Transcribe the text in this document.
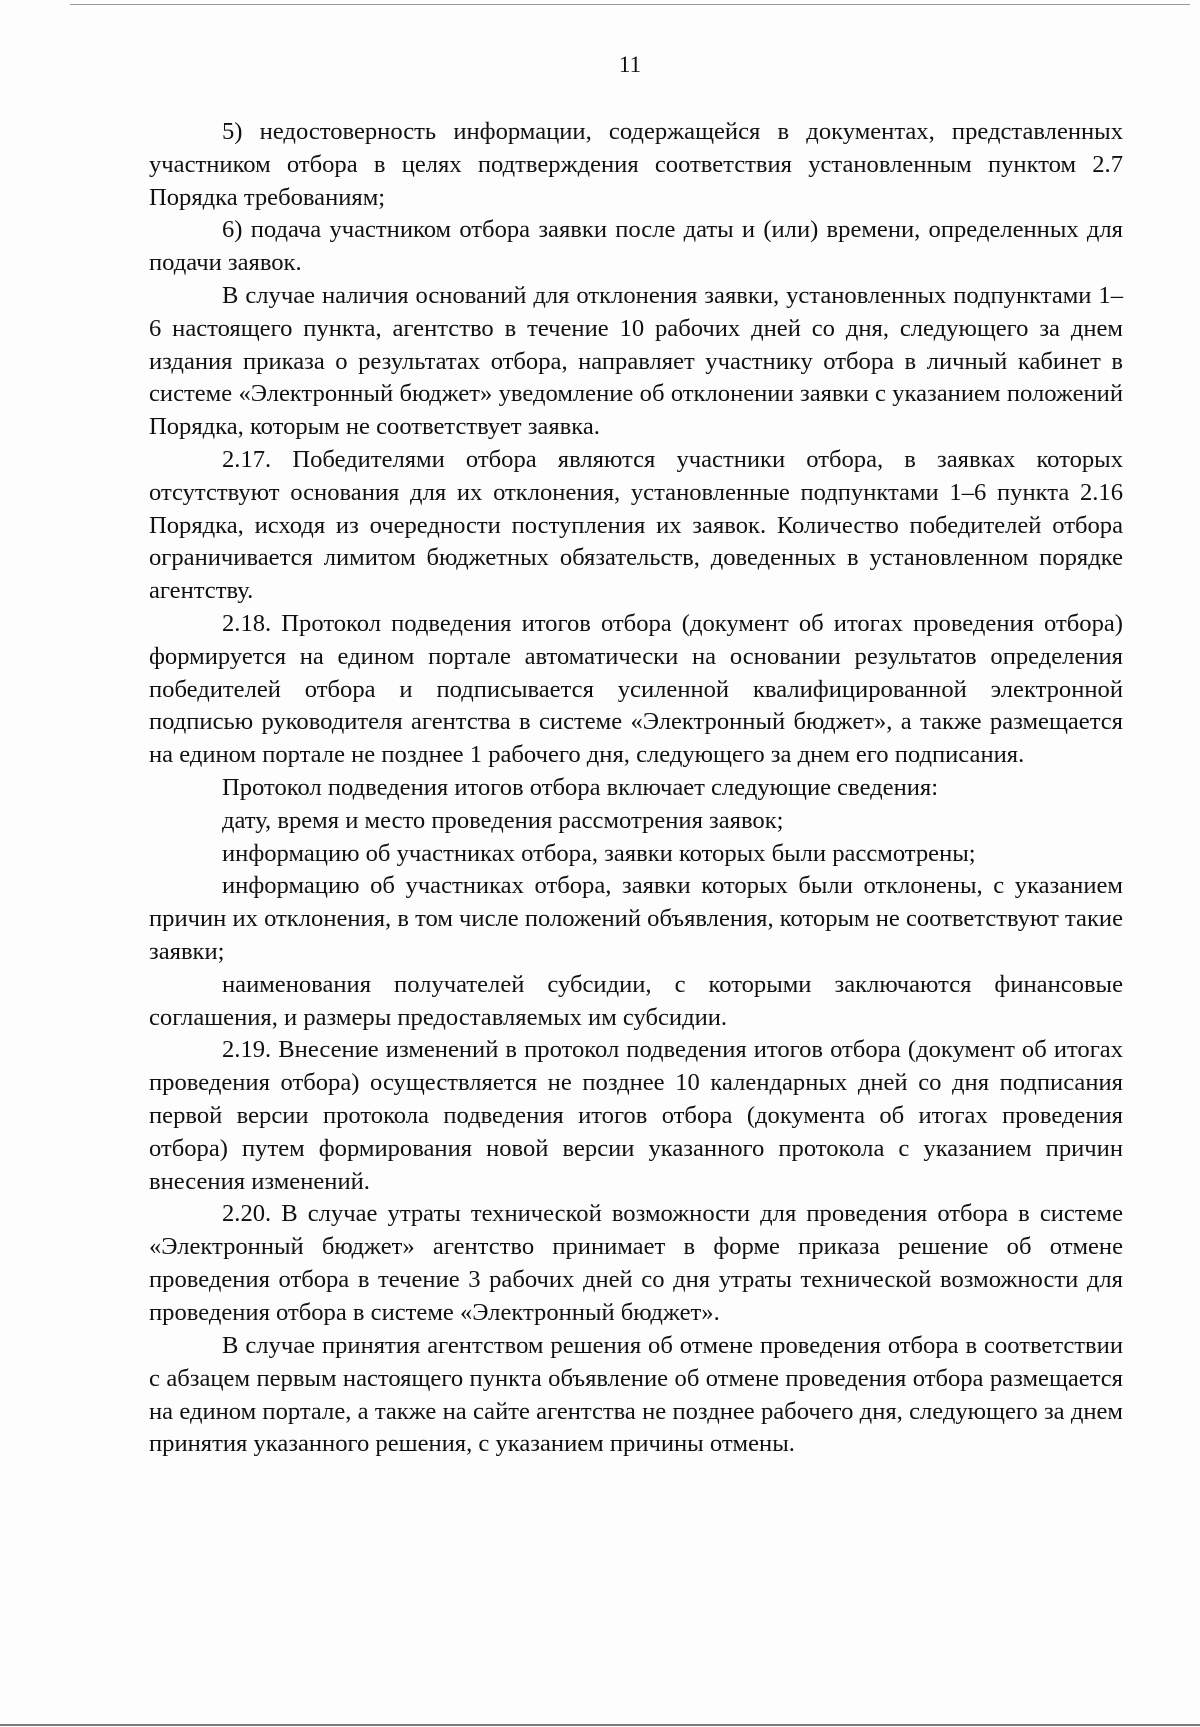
11

5) недостоверность информации, содержащейся в документах, представленных участником отбора в целях подтверждения соответствия установленным пунктом 2.7 Порядка требованиям;

6) подача участником отбора заявки после даты и (или) времени, определенных для подачи заявок.

В случае наличия оснований для отклонения заявки, установленных подпунктами 1–6 настоящего пункта, агентство в течение 10 рабочих дней со дня, следующего за днем издания приказа о результатах отбора, направляет участнику отбора в личный кабинет в системе «Электронный бюджет» уведомление об отклонении заявки с указанием положений Порядка, которым не соответствует заявка.

2.17. Победителями отбора являются участники отбора, в заявках которых отсутствуют основания для их отклонения, установленные подпунктами 1–6 пункта 2.16 Порядка, исходя из очередности поступления их заявок. Количество победителей отбора ограничивается лимитом бюджетных обязательств, доведенных в установленном порядке агентству.

2.18. Протокол подведения итогов отбора (документ об итогах проведения отбора) формируется на едином портале автоматически на основании результатов определения победителей отбора и подписывается усиленной квалифицированной электронной подписью руководителя агентства в системе «Электронный бюджет», а также размещается на едином портале не позднее 1 рабочего дня, следующего за днем его подписания.

Протокол подведения итогов отбора включает следующие сведения:

дату, время и место проведения рассмотрения заявок;

информацию об участниках отбора, заявки которых были рассмотрены;

информацию об участниках отбора, заявки которых были отклонены, с указанием причин их отклонения, в том числе положений объявления, которым не соответствуют такие заявки;

наименования получателей субсидии, с которыми заключаются финансовые соглашения, и размеры предоставляемых им субсидии.

2.19. Внесение изменений в протокол подведения итогов отбора (документ об итогах проведения отбора) осуществляется не позднее 10 календарных дней со дня подписания первой версии протокола подведения итогов отбора (документа об итогах проведения отбора) путем формирования новой версии указанного протокола с указанием причин внесения изменений.

2.20. В случае утраты технической возможности для проведения отбора в системе «Электронный бюджет» агентство принимает в форме приказа решение об отмене проведения отбора в течение 3 рабочих дней со дня утраты технической возможности для проведения отбора в системе «Электронный бюджет».

В случае принятия агентством решения об отмене проведения отбора в соответствии с абзацем первым настоящего пункта объявление об отмене проведения отбора размещается на едином портале, а также на сайте агентства не позднее рабочего дня, следующего за днем принятия указанного решения, с указанием причины отмены.
